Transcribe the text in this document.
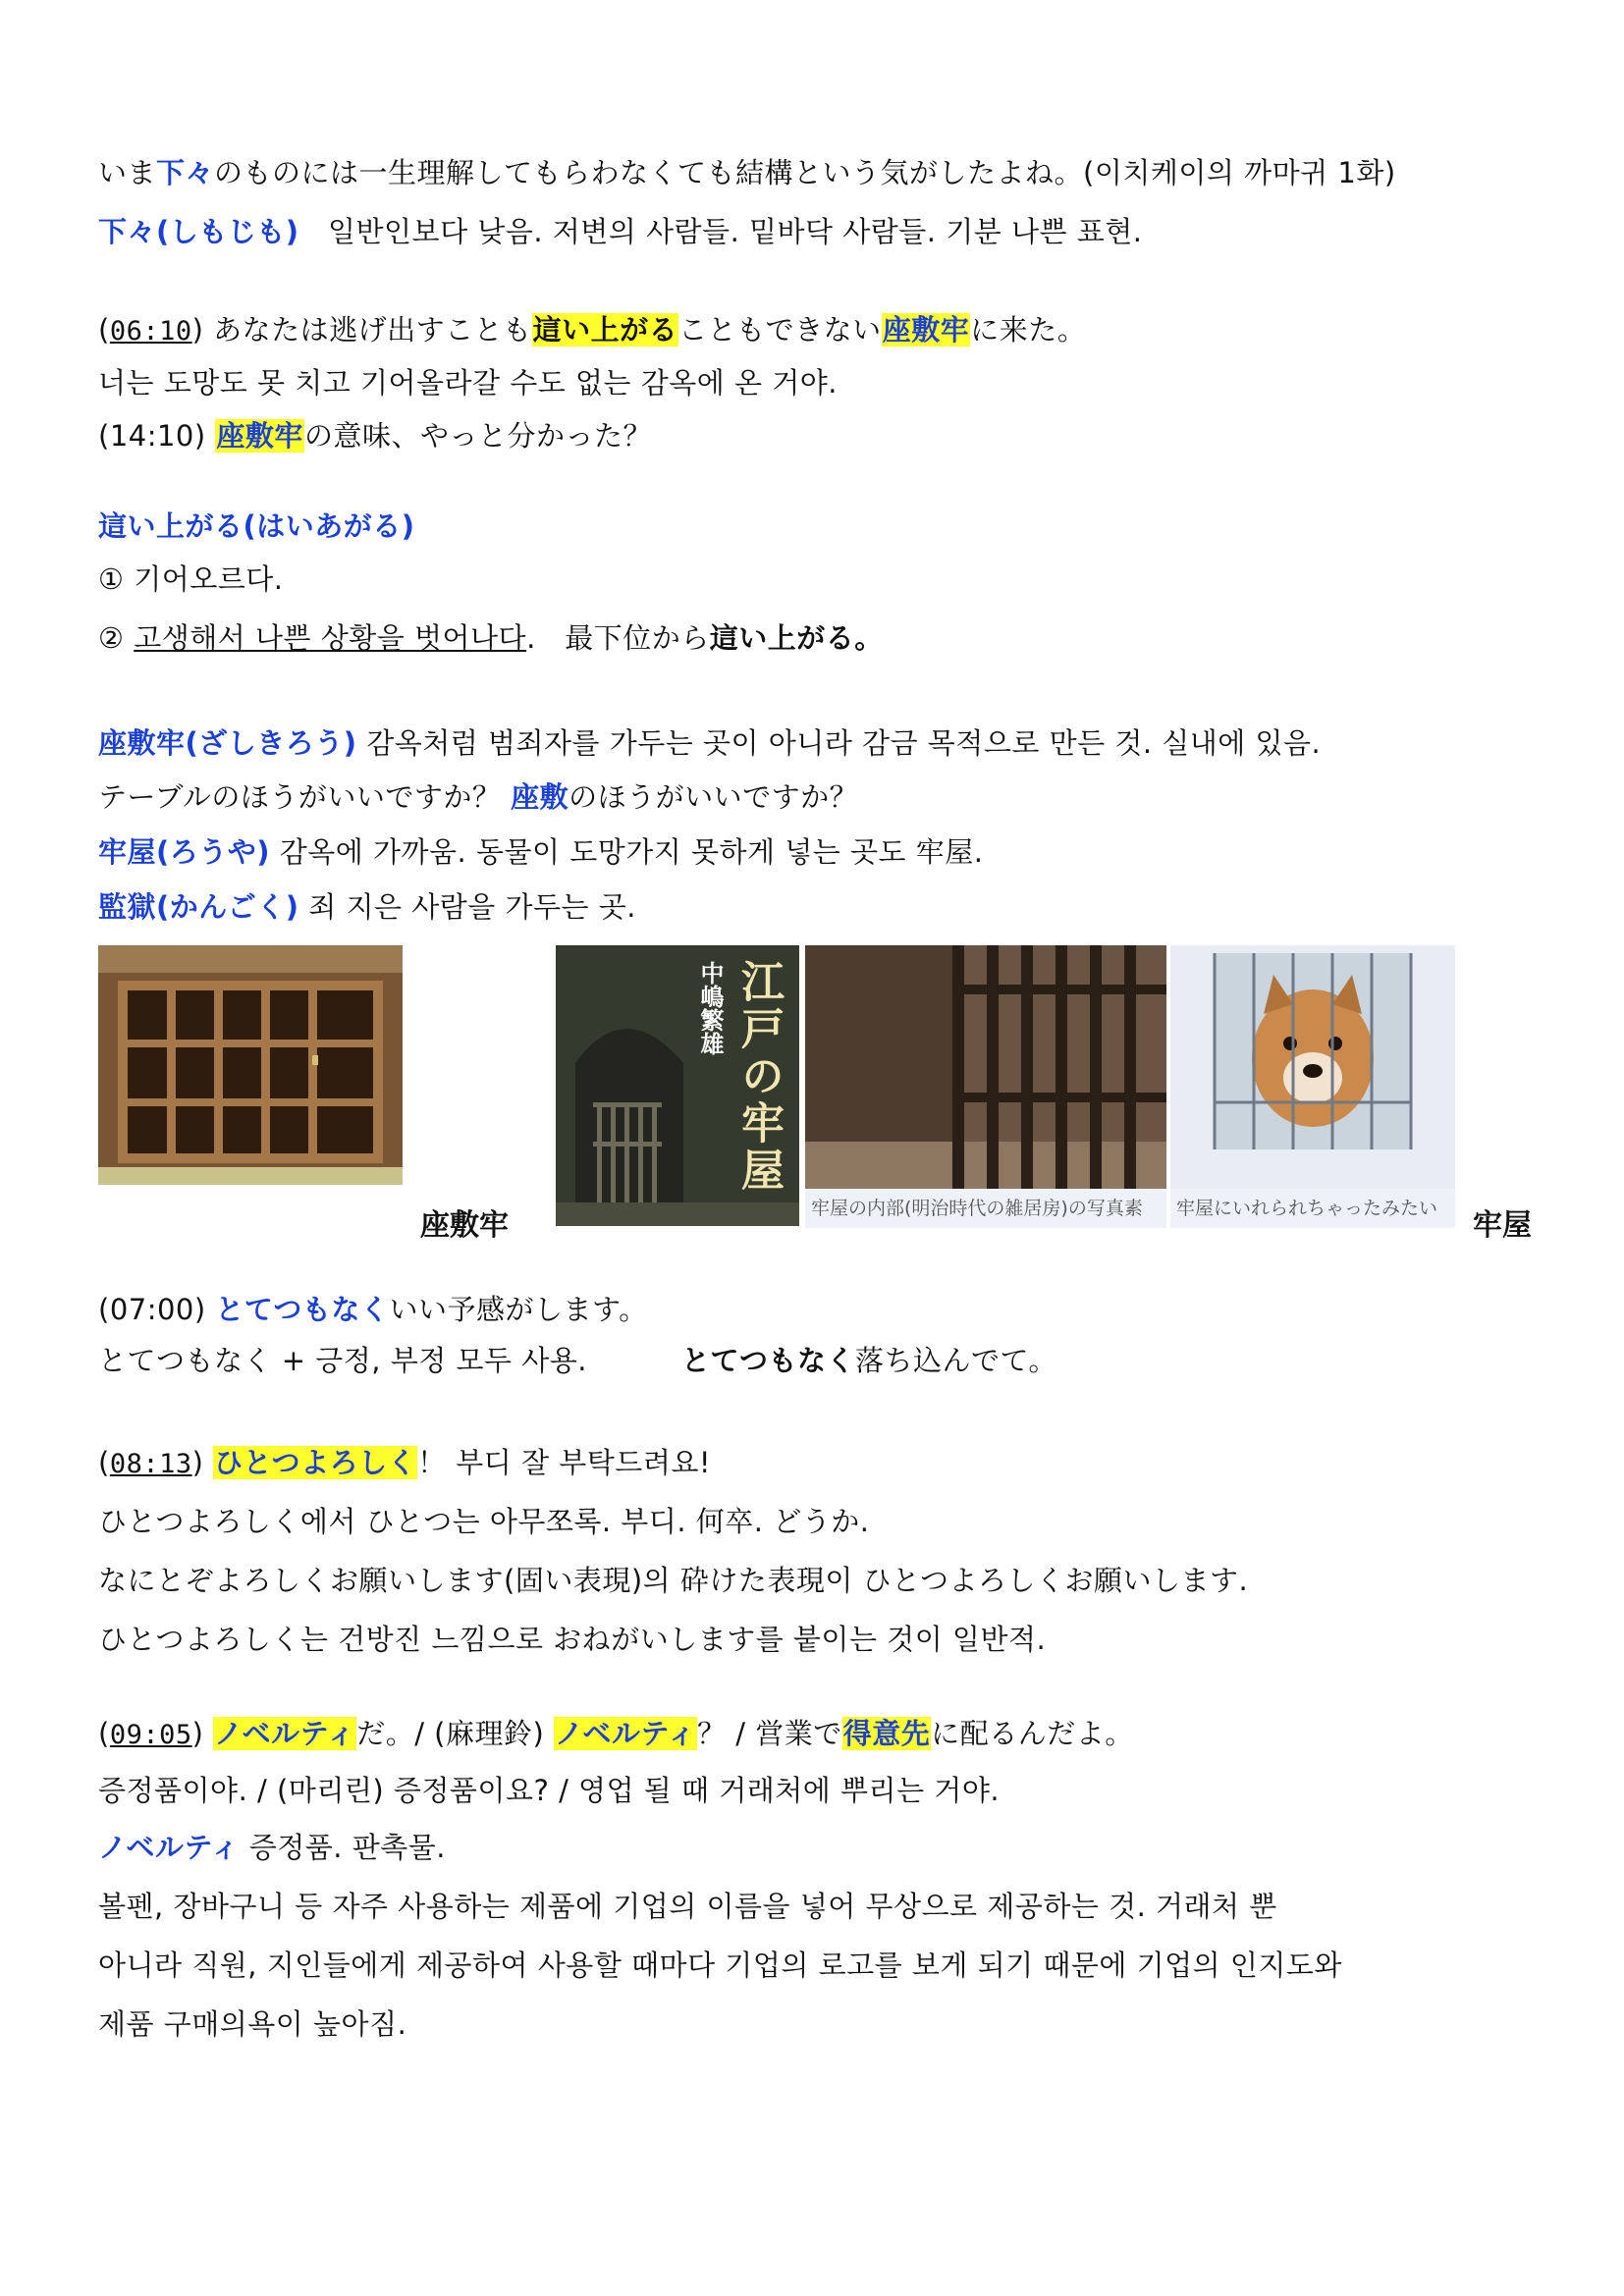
いま下々のものには一生理解してもらわなくても結構という気がしたよね。(이치케이의 까마귀 1화)
下々(しもじも)　일반인보다 낮음. 저변의 사람들. 밑바닥 사람들. 기분 나쁜 표현.
(06:10) あなたは逃げ出すことも這い上がることもできない座敷牢に来た。
너는 도망도 못 치고 기어올라갈 수도 없는 감옥에 온 거야.
(14:10) 座敷牢の意味、やっと分かった？
這い上がる(はいあがる)
① 기어오르다.
② 고생해서 나쁜 상황을 벗어나다.　最下位から這い上がる。
座敷牢(ざしきろう) 감옥처럼 범죄자를 가두는 곳이 아니라 감금 목적으로 만든 것. 실내에 있음.
テーブルのほうがいいですか？ 座敷のほうがいいですか？
牢屋(ろうや) 감옥에 가까움. 동물이 도망가지 못하게 넣는 곳도 牢屋.
監獄(かんごく) 죄 지은 사람을 가두는 곳.
座敷牢
江戸の牢屋
中嶋繁雄
牢屋の内部(明治時代の雑居房)の写真素	牢屋にいれられちゃったみたい	牢屋
(07:00) とてつもなくいい予感がします。
とてつもなく + 긍정, 부정 모두 사용.	とてつもなく落ち込んでて。
(08:13) ひとつよろしく！ 부디 잘 부탁드려요!
ひとつよろしく에서 ひとつ는 아무쪼록. 부디. 何卒. どうか.
なにとぞよろしくお願いします(固い表現)의 砕けた表現이 ひとつよろしくお願いします.
ひとつよろしく는 건방진 느낌으로 おねがいします를 붙이는 것이 일반적.
(09:05) ノベルティだ。/ (麻理鈴) ノベルティ？ / 営業で得意先に配るんだよ。
증정품이야. / (마리린) 증정품이요? / 영업 될 때 거래처에 뿌리는 거야.
ノベルティ 증정품. 판촉물.
볼펜, 장바구니 등 자주 사용하는 제품에 기업의 이름을 넣어 무상으로 제공하는 것. 거래처 뿐
아니라 직원, 지인들에게 제공하여 사용할 때마다 기업의 로고를 보게 되기 때문에 기업의 인지도와
제품 구매의욕이 높아짐.
